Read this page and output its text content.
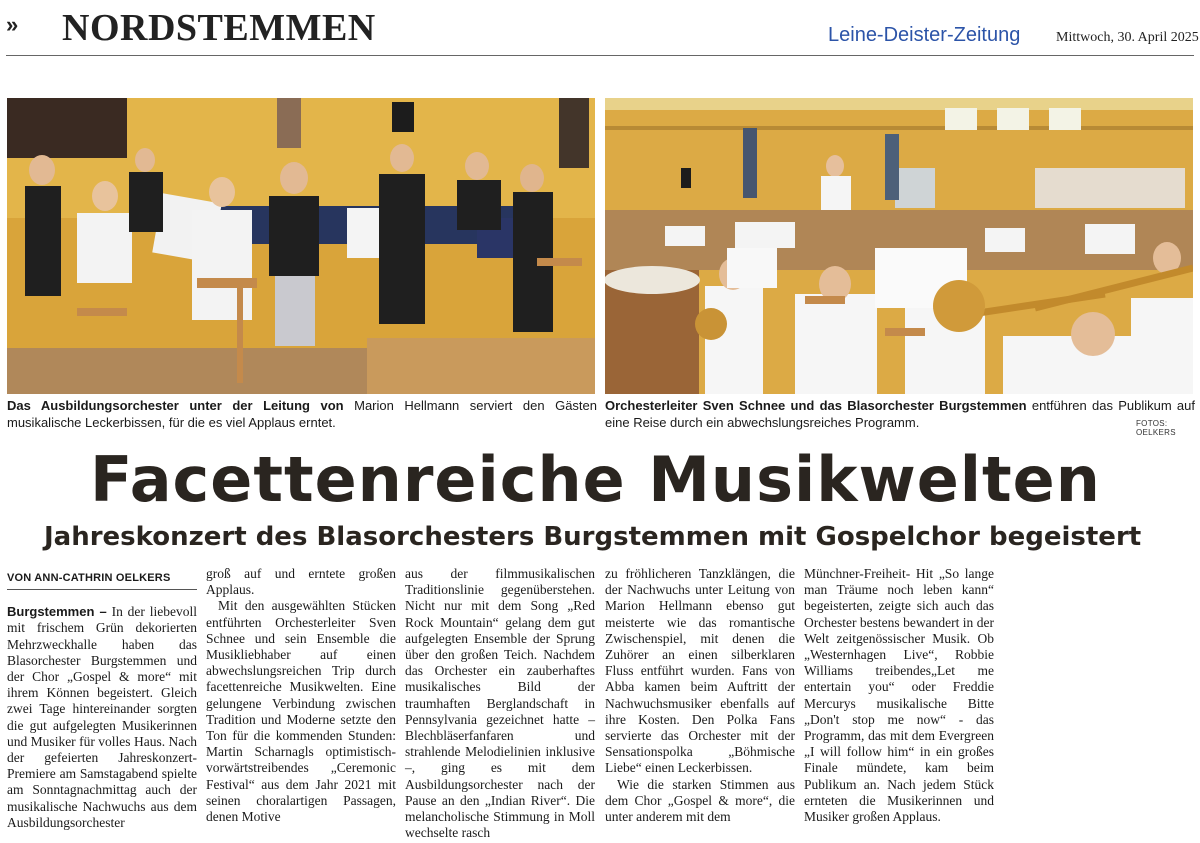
» NORDSTEMMEN	Leine-Deister-Zeitung	Mittwoch, 30. April 2025
Das Ausbildungsorchester unter der Leitung von Marion Hellmann serviert den Gästen musikalische Leckerbissen, für die es viel Applaus erntet.
Orchesterleiter Sven Schnee und das Blasorchester Burgstemmen entführen das Publikum auf eine Reise durch ein abwechslungsreiches Programm.	FOTOS: OELKERS
Facettenreiche Musikwelten
Jahreskonzert des Blasorchesters Burgstemmen mit Gospelchor begeistert
VON ANN-CATHRIN OELKERS

Burgstemmen – In der liebevoll mit frischem Grün dekorierten Mehrzweckhalle haben das Blasorchester Burgstemmen und der Chor „Gospel & more“ mit ihrem Können begeistert. Gleich zwei Tage hintereinander sorgten die gut aufgelegten Musikerinnen und Musiker für volles Haus. Nach der gefeierten Jahreskonzert-Premiere am Samstagabend spielte am Sonntagnachmittag auch der musikalische Nachwuchs aus dem Ausbildungsorchester

groß auf und erntete großen Applaus.

Mit den ausgewählten Stücken entführten Orchesterleiter Sven Schnee und sein Ensemble die Musikliebhaber auf einen abwechslungsreichen Trip durch facettenreiche Musikwelten. Eine gelungene Verbindung zwischen Tradition und Moderne setzte den Ton für die kommenden Stunden: Martin Scharnagls optimistisch-vorwärtstreibendes „Ceremonic Festival“ aus dem Jahr 2021 mit seinen choralartigen Passagen, denen Motive

aus der filmmusikalischen Traditionslinie gegenüberstehen. Nicht nur mit dem Song „Red Rock Mountain“ gelang dem gut aufgelegten Ensemble der Sprung über den großen Teich. Nachdem das Orchester ein zauberhaftes musikalisches Bild der traumhaften Berglandschaft in Pennsylvania gezeichnet hatte – Blechbläserfanfaren und strahlende Melodielinien inklusive –, ging es mit dem Ausbildungsorchester nach der Pause an den „Indian River“. Die melancholische Stimmung in Moll wechselte rasch

zu fröhlicheren Tanzklängen, die der Nachwuchs unter Leitung von Marion Hellmann ebenso gut meisterte wie das romantische Zwischenspiel, mit denen die Zuhörer an einen silberklaren Fluss entführt wurden. Fans von Abba kamen beim Auftritt der Nachwuchsmusiker ebenfalls auf ihre Kosten. Den Polka Fans servierte das Orchester mit der Sensationspolka „Böhmische Liebe“ einen Leckerbissen.

Wie die starken Stimmen aus dem Chor „Gospel & more“, die unter anderem mit dem

Münchner-Freiheit- Hit „So lange man Träume noch leben kann“ begeisterten, zeigte sich auch das Orchester bestens bewandert in der Welt zeitgenössischer Musik. Ob „Westernhagen Live“, Robbie Williams treibendes„Let me entertain you“ oder Freddie Mercurys musikalische Bitte „Don't stop me now“ - das Programm, das mit dem Evergreen „I will follow him“ in ein großes Finale mündete, kam beim Publikum an. Nach jedem Stück ernteten die Musikerinnen und Musiker großen Applaus.
